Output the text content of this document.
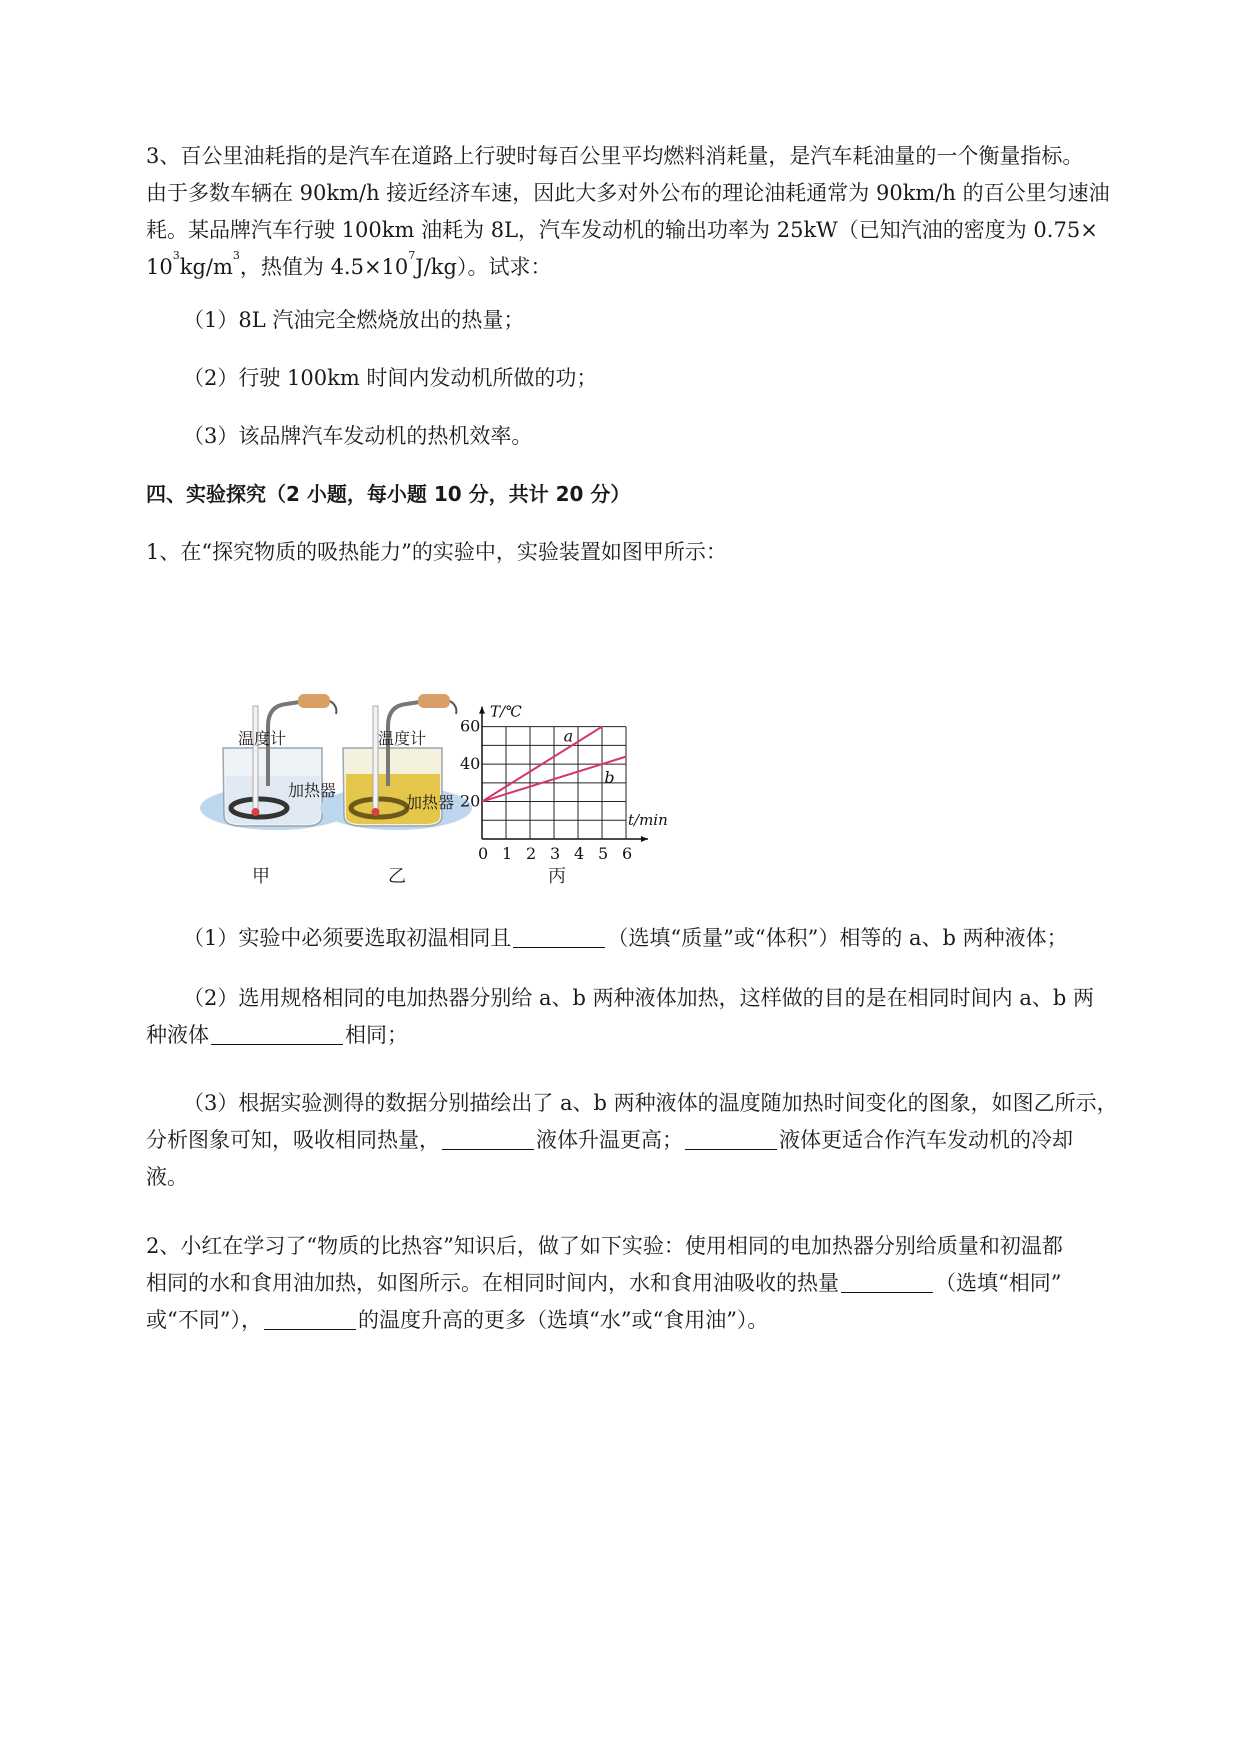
3、百公里油耗指的是汽车在道路上行驶时每百公里平均燃料消耗量，是汽车耗油量的一个衡量指标。
由于多数车辆在 90km/h 接近经济车速，因此大多对外公布的理论油耗通常为 90km/h 的百公里匀速油
耗。某品牌汽车行驶 100km 油耗为 8L，汽车发动机的输出功率为 25kW（已知汽油的密度为 0.75×
$10^3kg/m^3$，热值为 $4.5\times 10^7J/kg$）。试求：
（1）8L 汽油完全燃烧放出的热量；
（2）行驶 100km 时间内发动机所做的功；
（3）该品牌汽车发动机的热机效率。
四、实验探究（2 小题，每小题 10 分，共计 20 分）
1、在“探究物质的吸热能力”的实验中，实验装置如图甲所示：
0 1 2 3 4 5 6
20
40
60
T/℃
t/min
a
b
温度计
加热器
温度计
加热器
甲	乙	丙
（1）实验中必须要选取初温相同且	（选填“质量”或“体积”）相等的 a、b 两种液体；
（2）选用规格相同的电加热器分别给 a、b 两种液体加热，这样做的目的是在相同时间内 a、b 两
种液体	相同；
（3）根据实验测得的数据分别描绘出了 a、b 两种液体的温度随加热时间变化的图象，如图乙所示，
分析图象可知，吸收相同热量，	液体升温更高；	液体更适合作汽车发动机的冷却
液。
2、小红在学习了“物质的比热容”知识后，做了如下实验：使用相同的电加热器分别给质量和初温都
相同的水和食用油加热，如图所示。在相同时间内，水和食用油吸收的热量	（选填“相同”
或“不同”），	的温度升高的更多（选填“水”或“食用油”）。
